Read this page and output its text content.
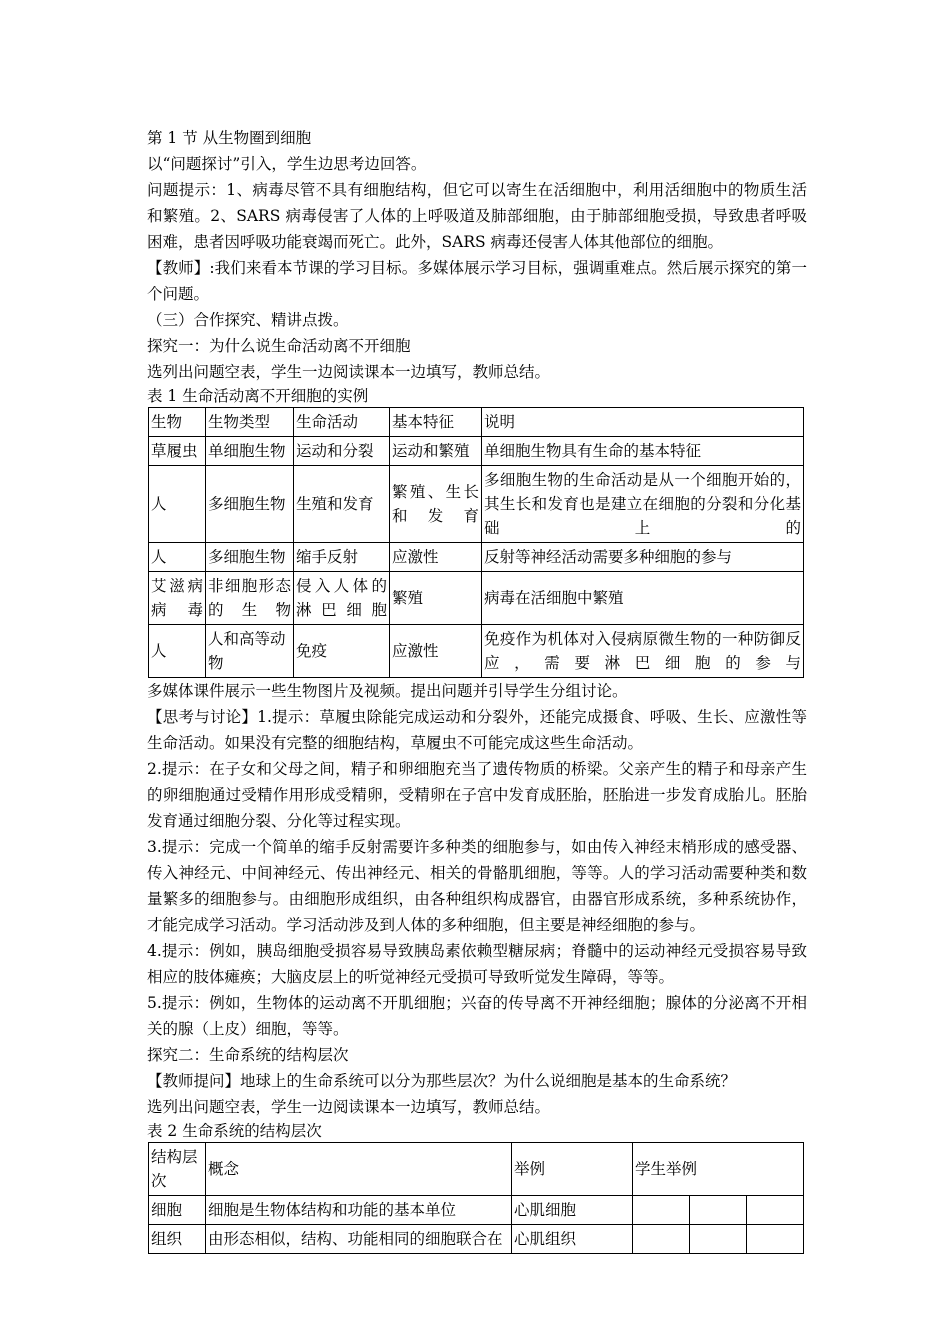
第 1 节 从生物圈到细胞

以“问题探讨”引入，学生边思考边回答。

问题提示：1、病毒尽管不具有细胞结构，但它可以寄生在活细胞中，利用活细胞中的物质生活和繁殖。2、SARS 病毒侵害了人体的上呼吸道及肺部细胞，由于肺部细胞受损，导致患者呼吸困难，患者因呼吸功能衰竭而死亡。此外，SARS 病毒还侵害人体其他部位的细胞。

【教师】:我们来看本节课的学习目标。多媒体展示学习目标，强调重难点。然后展示探究的第一个问题。

（三）合作探究、精讲点拨。

探究一：为什么说生命活动离不开细胞

选列出问题空表，学生一边阅读课本一边填写，教师总结。

表 1 生命活动离不开细胞的实例

生物	生物类型	生命活动	基本特征	说明
草履虫	单细胞生物	运动和分裂	运动和繁殖	单细胞生物具有生命的基本特征
人	多细胞生物	生殖和发育	繁殖、生长和发育	多细胞生物的生命活动是从一个细胞开始的，其生长和发育也是建立在细胞的分裂和分化基础上的
人	多细胞生物	缩手反射	应激性	反射等神经活动需要多种细胞的参与
艾滋病病毒	非细胞形态的生物	侵入人体的淋巴细胞	繁殖	病毒在活细胞中繁殖
人	人和高等动物	免疫	应激性	免疫作为机体对入侵病原微生物的一种防御反应，需要淋巴细胞的参与

多媒体课件展示一些生物图片及视频。提出问题并引导学生分组讨论。

【思考与讨论】1.提示：草履虫除能完成运动和分裂外，还能完成摄食、呼吸、生长、应激性等生命活动。如果没有完整的细胞结构，草履虫不可能完成这些生命活动。

2.提示：在子女和父母之间，精子和卵细胞充当了遗传物质的桥梁。父亲产生的精子和母亲产生的卵细胞通过受精作用形成受精卵，受精卵在子宫中发育成胚胎，胚胎进一步发育成胎儿。胚胎发育通过细胞分裂、分化等过程实现。

3.提示：完成一个简单的缩手反射需要许多种类的细胞参与，如由传入神经末梢形成的感受器、传入神经元、中间神经元、传出神经元、相关的骨骼肌细胞，等等。人的学习活动需要种类和数量繁多的细胞参与。由细胞形成组织，由各种组织构成器官，由器官形成系统，多种系统协作，才能完成学习活动。学习活动涉及到人体的多种细胞，但主要是神经细胞的参与。

4.提示：例如，胰岛细胞受损容易导致胰岛素依赖型糖尿病；脊髓中的运动神经元受损容易导致相应的肢体瘫痪；大脑皮层上的听觉神经元受损可导致听觉发生障碍，等等。

5.提示：例如，生物体的运动离不开肌细胞；兴奋的传导离不开神经细胞；腺体的分泌离不开相关的腺（上皮）细胞，等等。

探究二：生命系统的结构层次

【教师提问】地球上的生命系统可以分为那些层次？为什么说细胞是基本的生命系统？

选列出问题空表，学生一边阅读课本一边填写，教师总结。

表 2 生命系统的结构层次

结构层次	概念	举例	学生举例		
细胞	细胞是生物体结构和功能的基本单位	心肌细胞			
组织	由形态相似，结构、功能相同的细胞联合在	心肌组织			
